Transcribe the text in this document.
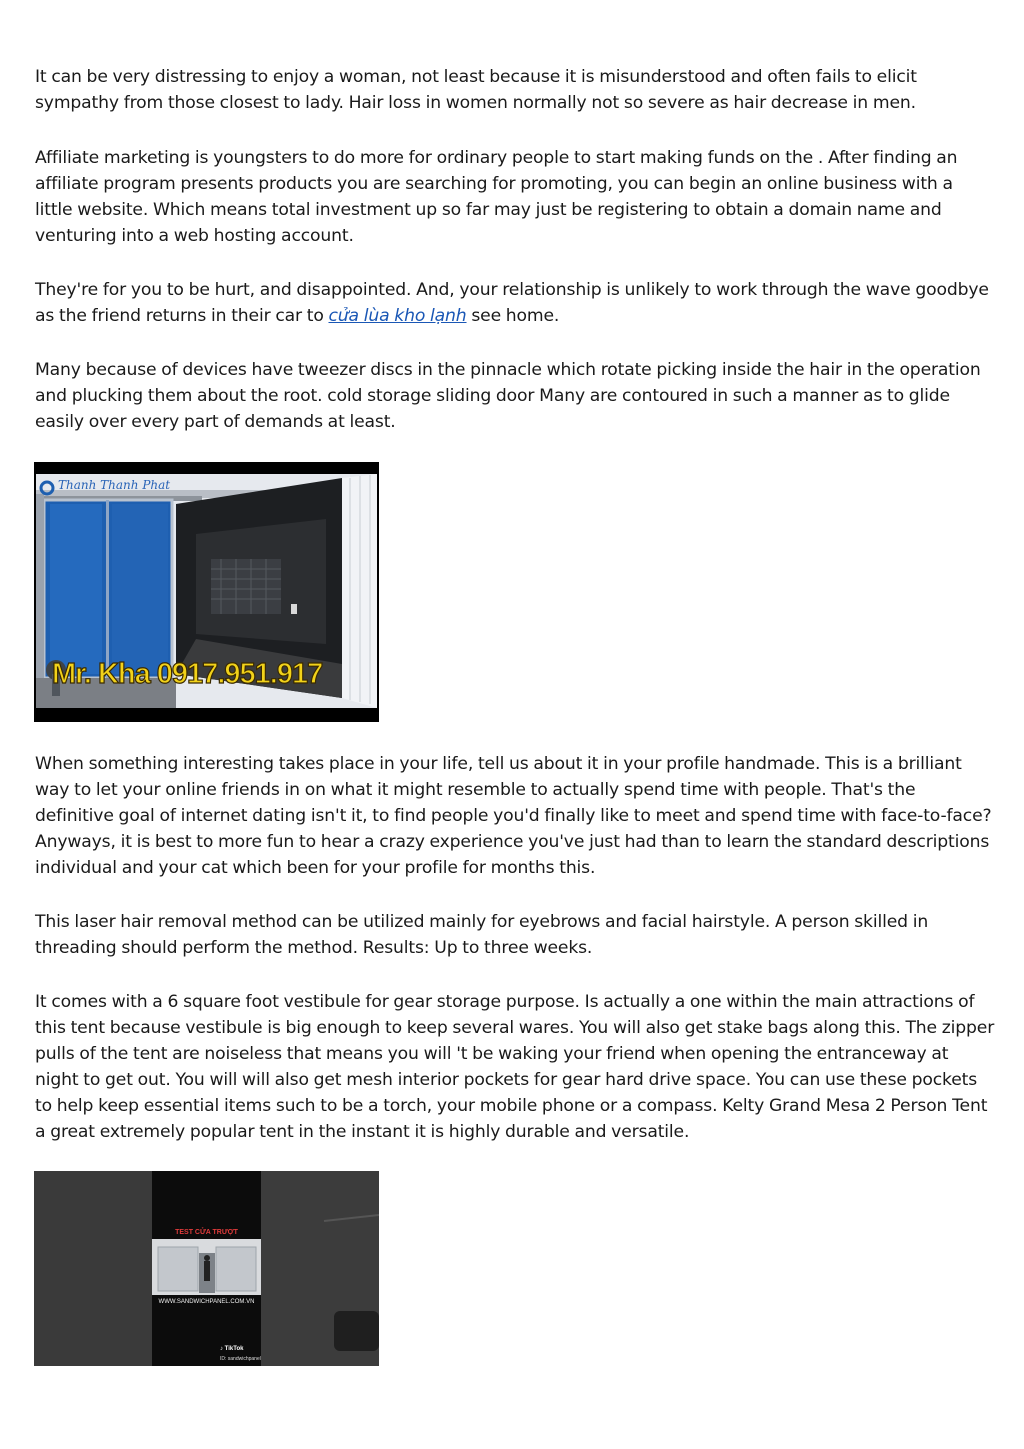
It can be very distressing to enjoy a woman, not least because it is misunderstood and often fails to elicit sympathy from those closest to lady. Hair loss in women normally not so severe as hair decrease in men.

Affiliate marketing is youngsters to do more for ordinary people to start making funds on the . After finding an affiliate program presents products you are searching for promoting, you can begin an online business with a little website. Which means total investment up so far may just be registering to obtain a domain name and venturing into a web hosting account.

They're for you to be hurt, and disappointed. And, your relationship is unlikely to work through the wave goodbye as the friend returns in their car to cửa lùa kho lạnh see home.

Many because of devices have tweezer discs in the pinnacle which rotate picking inside the hair in the operation and plucking them about the root. cold storage sliding door Many are contoured in such a manner as to glide easily over every part of demands at least.

Thanh Thanh Phat
Mr. Kha 0917.951.917

When something interesting takes place in your life, tell us about it in your profile handmade. This is a brilliant way to let your online friends in on what it might resemble to actually spend time with people. That's the definitive goal of internet dating isn't it, to find people you'd finally like to meet and spend time with face-to-face? Anyways, it is best to more fun to hear a crazy experience you've just had than to learn the standard descriptions individual and your cat which been for your profile for months this.

This laser hair removal method can be utilized mainly for eyebrows and facial hairstyle. A person skilled in threading should perform the method. Results: Up to three weeks.

It comes with a 6 square foot vestibule for gear storage purpose. Is actually a one within the main attractions of this tent because vestibule is big enough to keep several wares. You will also get stake bags along this. The zipper pulls of the tent are noiseless that means you will 't be waking your friend when opening the entranceway at night to get out. You will will also get mesh interior pockets for gear hard drive space. You can use these pockets to help keep essential items such to be a torch, your mobile phone or a compass. Kelty Grand Mesa 2 Person Tent a great extremely popular tent in the instant it is highly durable and versatile.

TEST CỬA TRƯỢT
WWW.SANDWICHPANEL.COM.VN
♪ TikTok
ID: sandwichpanel
